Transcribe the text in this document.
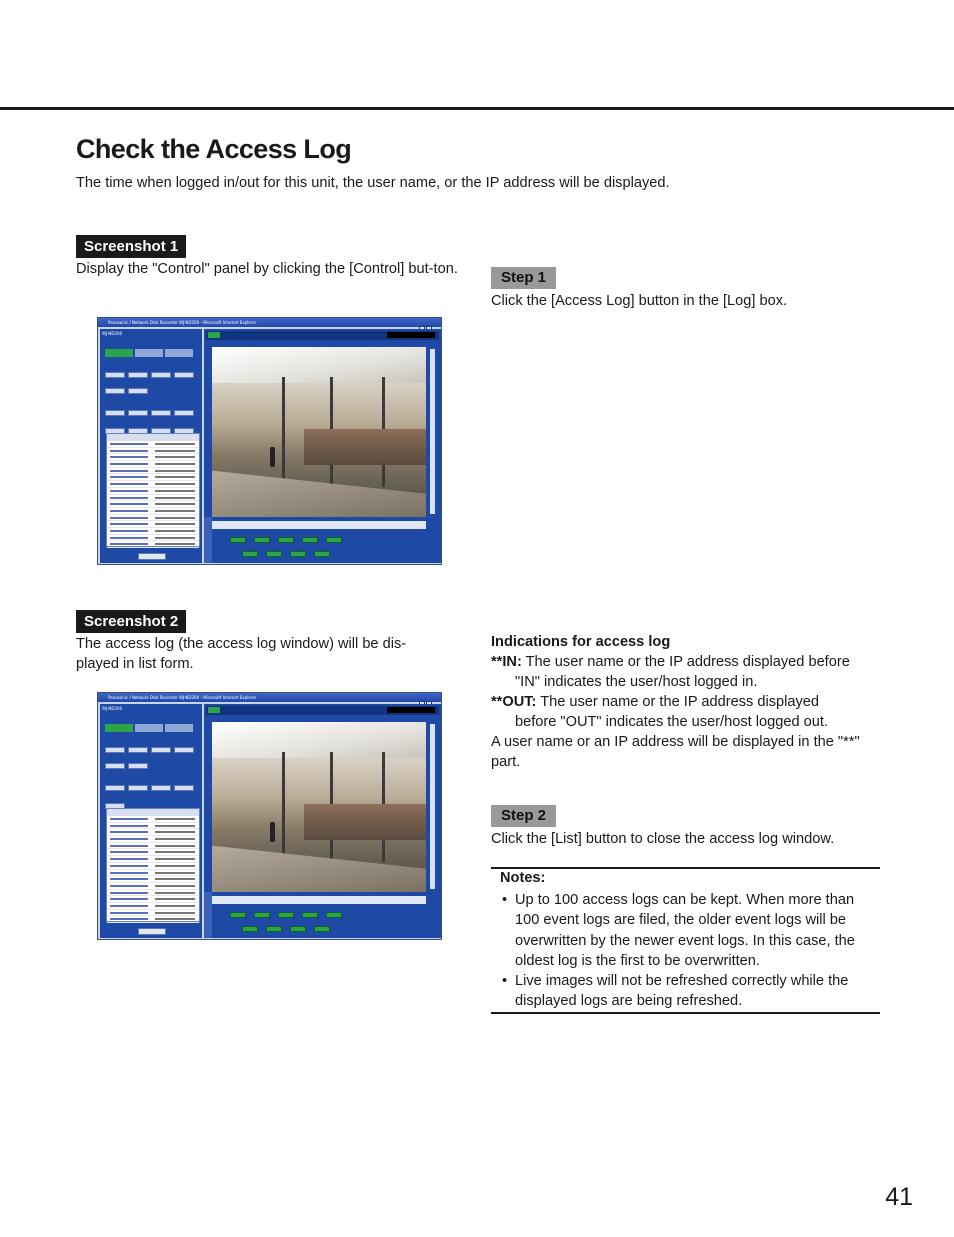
Check the Access Log

The time when logged in/out for this unit, the user name, or the IP address will be displayed.

Screenshot 1

Display the "Control" panel by clicking the [Control] but-ton.

Panasonic / Network Disk Recorder WJ-ND200 - Microsoft Internet Explorer
WJ-ND200
Step 1

Click the [Access Log] button in the [Log] box.

Screenshot 2

The access log (the access log window) will be dis-played in list form.

Panasonic / Network Disk Recorder WJ-ND200 - Microsoft Internet Explorer
WJ-ND200
Indications for access log
**IN: The user name or the IP address displayed before
"IN" indicates the user/host logged in.
**OUT: The user name or the IP address displayed
before "OUT" indicates the user/host logged out.
A user name or an IP address will be displayed in the "**" part.
Step 2

Click the [List] button to close the access log window.

Notes:
• Up to 100 access logs can be kept. When more than 100 event logs are filed, the older event logs will be overwritten by the newer event logs. In this case, the oldest log is the first to be overwritten.
• Live images will not be refreshed correctly while the displayed logs are being refreshed.
41
